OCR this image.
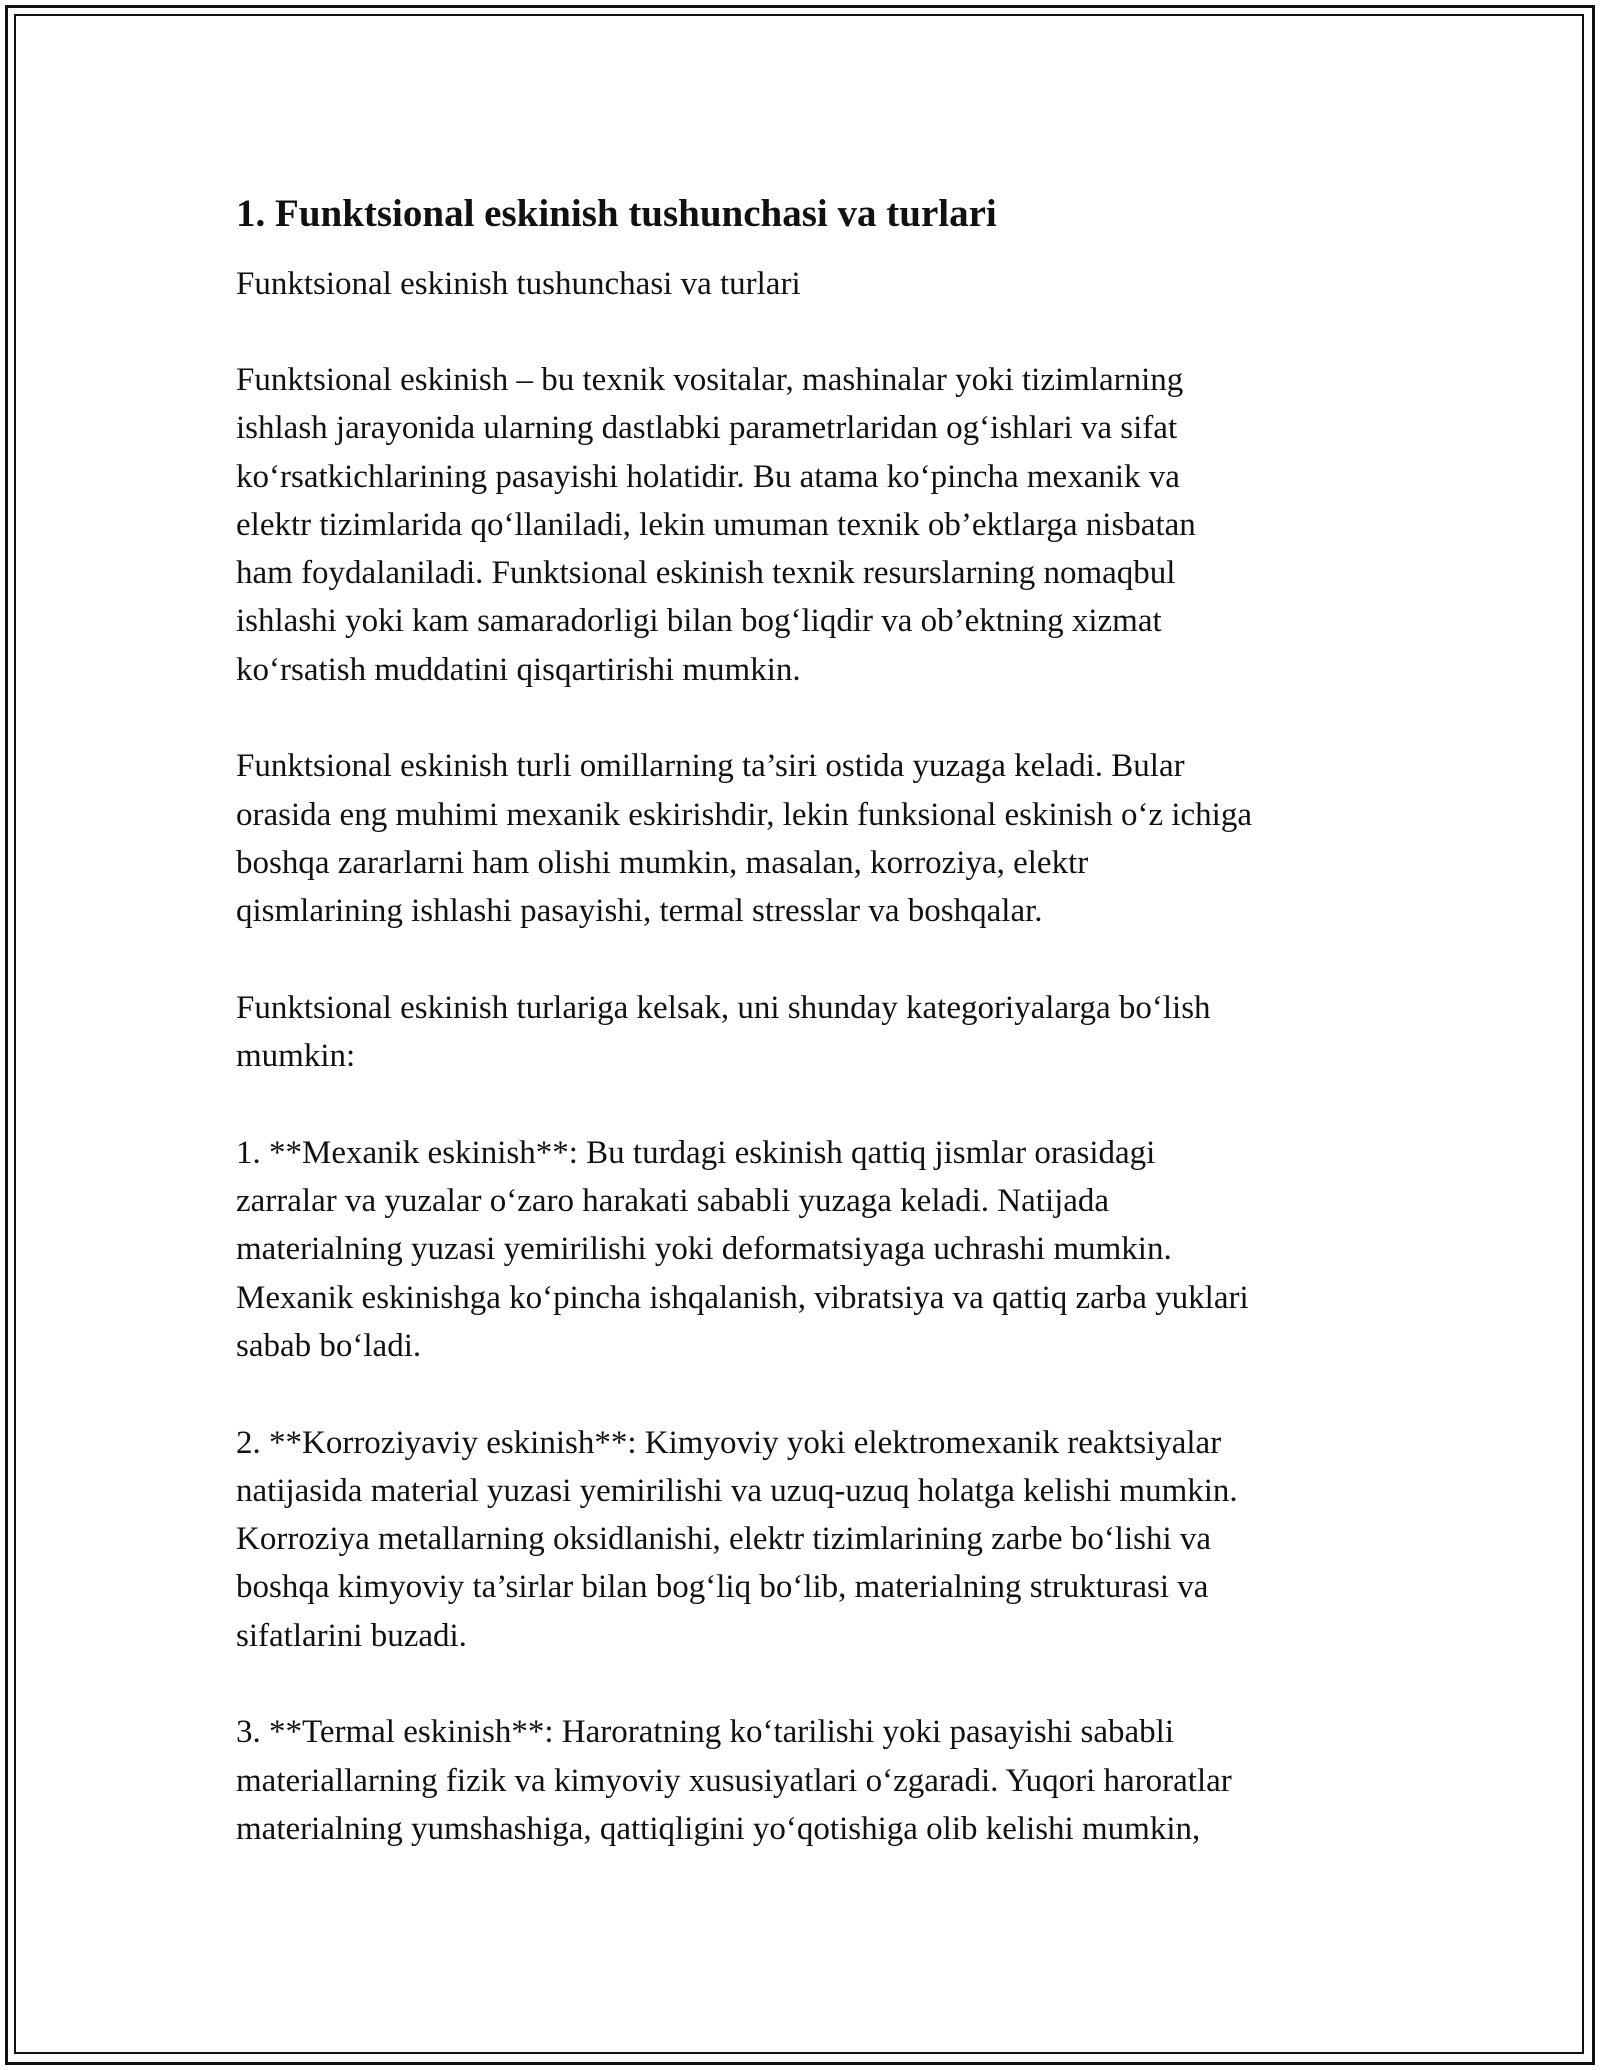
1. Funktsional eskinish tushunchasi va turlari
Funktsional eskinish tushunchasi va turlari
Funktsional eskinish – bu texnik vositalar, mashinalar yoki tizimlarning
ishlash jarayonida ularning dastlabki parametrlaridan og‘ishlari va sifat
ko‘rsatkichlarining pasayishi holatidir. Bu atama ko‘pincha mexanik va
elektr tizimlarida qo‘llaniladi, lekin umuman texnik ob’ektlarga nisbatan
ham foydalaniladi. Funktsional eskinish texnik resurslarning nomaqbul
ishlashi yoki kam samaradorligi bilan bog‘liqdir va ob’ektning xizmat
ko‘rsatish muddatini qisqartirishi mumkin.
Funktsional eskinish turli omillarning ta’siri ostida yuzaga keladi. Bular
orasida eng muhimi mexanik eskirishdir, lekin funksional eskinish o‘z ichiga
boshqa zararlarni ham olishi mumkin, masalan, korroziya, elektr
qismlarining ishlashi pasayishi, termal stresslar va boshqalar.
Funktsional eskinish turlariga kelsak, uni shunday kategoriyalarga bo‘lish
mumkin:
1. **Mexanik eskinish**: Bu turdagi eskinish qattiq jismlar orasidagi
zarralar va yuzalar o‘zaro harakati sababli yuzaga keladi. Natijada
materialning yuzasi yemirilishi yoki deformatsiyaga uchrashi mumkin.
Mexanik eskinishga ko‘pincha ishqalanish, vibratsiya va qattiq zarba yuklari
sabab bo‘ladi.
2. **Korroziyaviy eskinish**: Kimyoviy yoki elektromexanik reaktsiyalar
natijasida material yuzasi yemirilishi va uzuq-uzuq holatga kelishi mumkin.
Korroziya metallarning oksidlanishi, elektr tizimlarining zarbe bo‘lishi va
boshqa kimyoviy ta’sirlar bilan bog‘liq bo‘lib, materialning strukturasi va
sifatlarini buzadi.
3. **Termal eskinish**: Haroratning ko‘tarilishi yoki pasayishi sababli
materiallarning fizik va kimyoviy xususiyatlari o‘zgaradi. Yuqori haroratlar
materialning yumshashiga, qattiqligini yo‘qotishiga olib kelishi mumkin,
